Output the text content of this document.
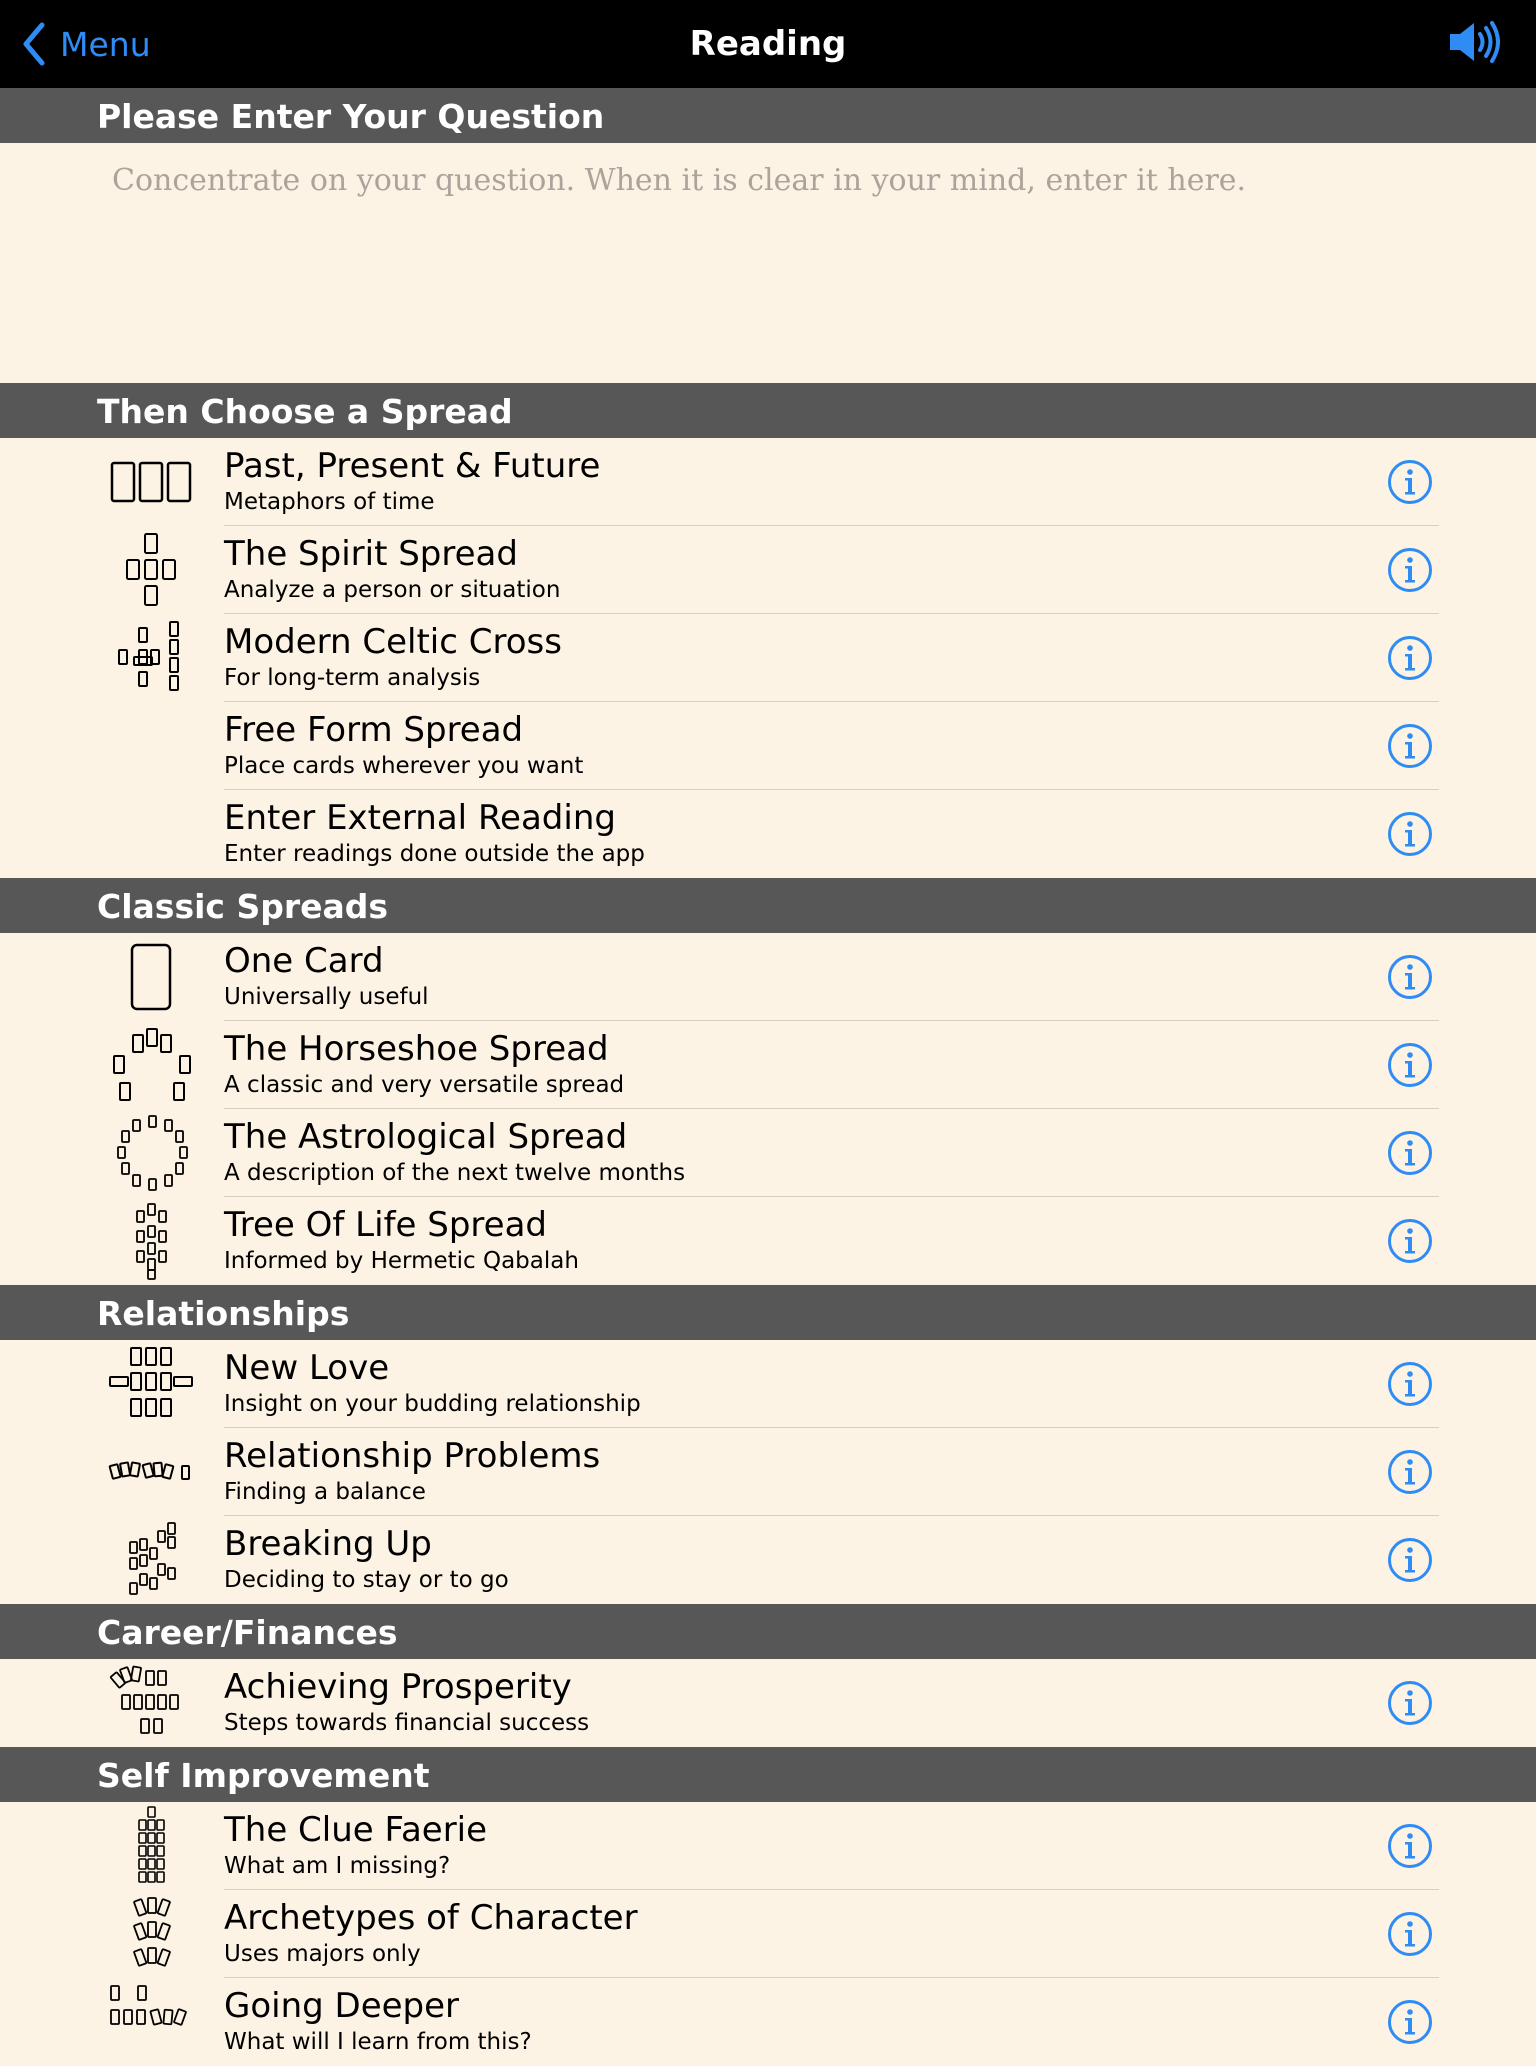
Menu	Reading
Please Enter Your Question
Concentrate on your question. When it is clear in your mind, enter it here.
Then Choose a Spread
Past, Present & Future
Metaphors of time
The Spirit Spread
Analyze a person or situation
Modern Celtic Cross
For long-term analysis
Free Form Spread
Place cards wherever you want
Enter External Reading
Enter readings done outside the app
Classic Spreads
One Card
Universally useful
The Horseshoe Spread
A classic and very versatile spread
The Astrological Spread
A description of the next twelve months
Tree Of Life Spread
Informed by Hermetic Qabalah
Relationships
New Love
Insight on your budding relationship
Relationship Problems
Finding a balance
Breaking Up
Deciding to stay or to go
Career/Finances
Achieving Prosperity
Steps towards financial success
Self Improvement
The Clue Faerie
What am I missing?
Archetypes of Character
Uses majors only
Going Deeper
What will I learn from this?
